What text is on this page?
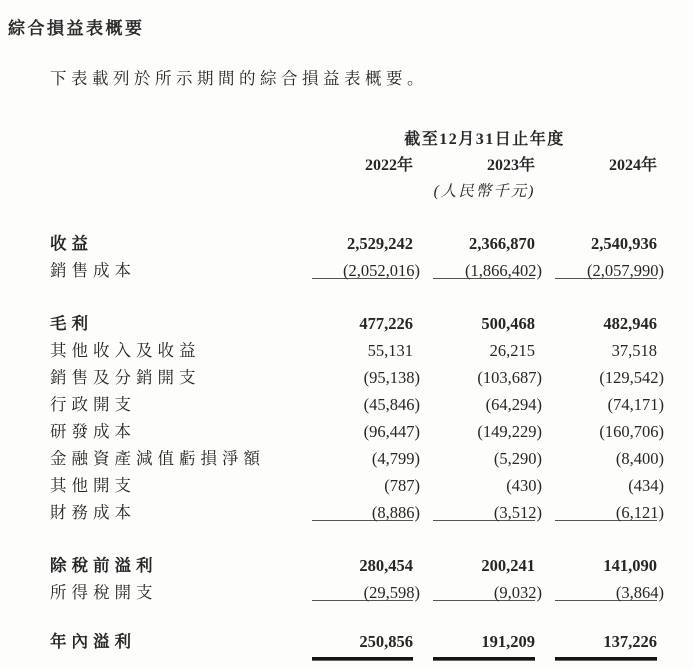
綜合損益表概要
下表載列於所示期間的綜合損益表概要。
截至12月31日止年度
2022年	2023年	2024年
(人民幣千元)
收益	2,529,242	2,366,870	2,540,936
銷售成本	(2,052,016)	(1,866,402)	(2,057,990)
毛利	477,226	500,468	482,946
其他收入及收益	55,131	26,215	37,518
銷售及分銷開支	(95,138)	(103,687)	(129,542)
行政開支	(45,846)	(64,294)	(74,171)
研發成本	(96,447)	(149,229)	(160,706)
金融資產減值虧損淨額	(4,799)	(5,290)	(8,400)
其他開支	(787)	(430)	(434)
財務成本	(8,886)	(3,512)	(6,121)
除稅前溢利	280,454	200,241	141,090
所得稅開支	(29,598)	(9,032)	(3,864)
年內溢利	250,856	191,209	137,226
